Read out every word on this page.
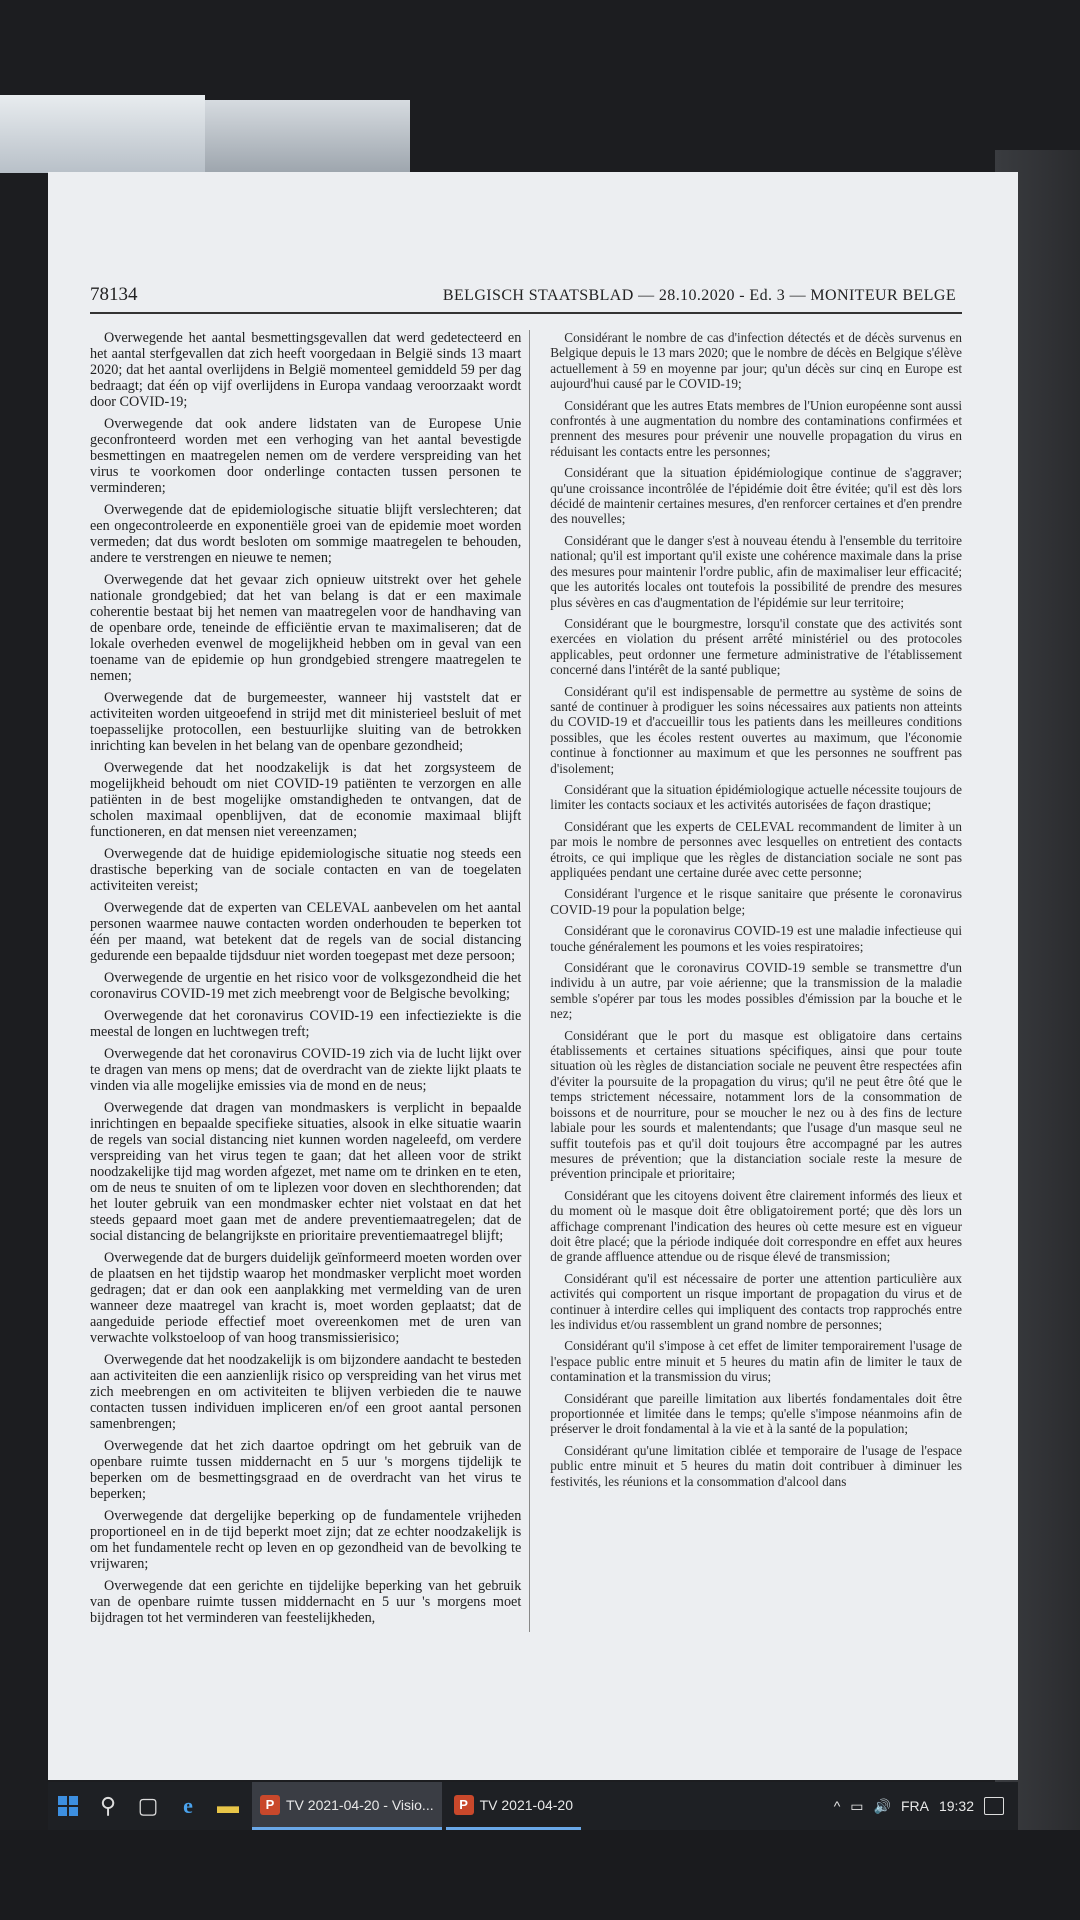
78134	BELGISCH STAATSBLAD — 28.10.2020 - Ed. 3 — MONITEUR BELGE

Overwegende het aantal besmettingsgevallen dat werd gedetecteerd en het aantal sterfgevallen dat zich heeft voorgedaan in België sinds 13 maart 2020; dat het aantal overlijdens in België momenteel gemiddeld 59 per dag bedraagt; dat één op vijf overlijdens in Europa vandaag veroorzaakt wordt door COVID-19;

Overwegende dat ook andere lidstaten van de Europese Unie geconfronteerd worden met een verhoging van het aantal bevestigde besmettingen en maatregelen nemen om de verdere verspreiding van het virus te voorkomen door onderlinge contacten tussen personen te verminderen;

Overwegende dat de epidemiologische situatie blijft verslechteren; dat een ongecontroleerde en exponentiële groei van de epidemie moet worden vermeden; dat dus wordt besloten om sommige maatregelen te behouden, andere te verstrengen en nieuwe te nemen;

Overwegende dat het gevaar zich opnieuw uitstrekt over het gehele nationale grondgebied; dat het van belang is dat er een maximale coherentie bestaat bij het nemen van maatregelen voor de handhaving van de openbare orde, teneinde de efficiëntie ervan te maximaliseren; dat de lokale overheden evenwel de mogelijkheid hebben om in geval van een toename van de epidemie op hun grondgebied strengere maatregelen te nemen;

Overwegende dat de burgemeester, wanneer hij vaststelt dat er activiteiten worden uitgeoefend in strijd met dit ministerieel besluit of met toepasselijke protocollen, een bestuurlijke sluiting van de betrokken inrichting kan bevelen in het belang van de openbare gezondheid;

Overwegende dat het noodzakelijk is dat het zorgsysteem de mogelijkheid behoudt om niet COVID-19 patiënten te verzorgen en alle patiënten in de best mogelijke omstandigheden te ontvangen, dat de scholen maximaal openblijven, dat de economie maximaal blijft functioneren, en dat mensen niet vereenzamen;

Overwegende dat de huidige epidemiologische situatie nog steeds een drastische beperking van de sociale contacten en van de toegelaten activiteiten vereist;

Overwegende dat de experten van CELEVAL aanbevelen om het aantal personen waarmee nauwe contacten worden onderhouden te beperken tot één per maand, wat betekent dat de regels van de social distancing gedurende een bepaalde tijdsduur niet worden toegepast met deze persoon;

Overwegende de urgentie en het risico voor de volksgezondheid die het coronavirus COVID-19 met zich meebrengt voor de Belgische bevolking;

Overwegende dat het coronavirus COVID-19 een infectieziekte is die meestal de longen en luchtwegen treft;

Overwegende dat het coronavirus COVID-19 zich via de lucht lijkt over te dragen van mens op mens; dat de overdracht van de ziekte lijkt plaats te vinden via alle mogelijke emissies via de mond en de neus;

Overwegende dat dragen van mondmaskers is verplicht in bepaalde inrichtingen en bepaalde specifieke situaties, alsook in elke situatie waarin de regels van social distancing niet kunnen worden nageleefd, om verdere verspreiding van het virus tegen te gaan; dat het alleen voor de strikt noodzakelijke tijd mag worden afgezet, met name om te drinken en te eten, om de neus te snuiten of om te liplezen voor doven en slechthorenden; dat het louter gebruik van een mondmasker echter niet volstaat en dat het steeds gepaard moet gaan met de andere preventiemaatregelen; dat de social distancing de belangrijkste en prioritaire preventiemaatregel blijft;

Overwegende dat de burgers duidelijk geïnformeerd moeten worden over de plaatsen en het tijdstip waarop het mondmasker verplicht moet worden gedragen; dat er dan ook een aanplakking met vermelding van de uren wanneer deze maatregel van kracht is, moet worden geplaatst; dat de aangeduide periode effectief moet overeenkomen met de uren van verwachte volkstoeloop of van hoog transmissierisico;

Overwegende dat het noodzakelijk is om bijzondere aandacht te besteden aan activiteiten die een aanzienlijk risico op verspreiding van het virus met zich meebrengen en om activiteiten te blijven verbieden die te nauwe contacten tussen individuen impliceren en/of een groot aantal personen samenbrengen;

Overwegende dat het zich daartoe opdringt om het gebruik van de openbare ruimte tussen middernacht en 5 uur 's morgens tijdelijk te beperken om de besmettingsgraad en de overdracht van het virus te beperken;

Overwegende dat dergelijke beperking op de fundamentele vrijheden proportioneel en in de tijd beperkt moet zijn; dat ze echter noodzakelijk is om het fundamentele recht op leven en op gezondheid van de bevolking te vrijwaren;

Overwegende dat een gerichte en tijdelijke beperking van het gebruik van de openbare ruimte tussen middernacht en 5 uur 's morgens moet bijdragen tot het verminderen van feestelijkheden,

Considérant le nombre de cas d'infection détectés et de décès survenus en Belgique depuis le 13 mars 2020; que le nombre de décès en Belgique s'élève actuellement à 59 en moyenne par jour; qu'un décès sur cinq en Europe est aujourd'hui causé par le COVID-19;

Considérant que les autres Etats membres de l'Union européenne sont aussi confrontés à une augmentation du nombre des contaminations confirmées et prennent des mesures pour prévenir une nouvelle propagation du virus en réduisant les contacts entre les personnes;

Considérant que la situation épidémiologique continue de s'aggraver; qu'une croissance incontrôlée de l'épidémie doit être évitée; qu'il est dès lors décidé de maintenir certaines mesures, d'en renforcer certaines et d'en prendre des nouvelles;

Considérant que le danger s'est à nouveau étendu à l'ensemble du territoire national; qu'il est important qu'il existe une cohérence maximale dans la prise des mesures pour maintenir l'ordre public, afin de maximaliser leur efficacité; que les autorités locales ont toutefois la possibilité de prendre des mesures plus sévères en cas d'augmentation de l'épidémie sur leur territoire;

Considérant que le bourgmestre, lorsqu'il constate que des activités sont exercées en violation du présent arrêté ministériel ou des protocoles applicables, peut ordonner une fermeture administrative de l'établissement concerné dans l'intérêt de la santé publique;

Considérant qu'il est indispensable de permettre au système de soins de santé de continuer à prodiguer les soins nécessaires aux patients non atteints du COVID-19 et d'accueillir tous les patients dans les meilleures conditions possibles, que les écoles restent ouvertes au maximum, que l'économie continue à fonctionner au maximum et que les personnes ne souffrent pas d'isolement;

Considérant que la situation épidémiologique actuelle nécessite toujours de limiter les contacts sociaux et les activités autorisées de façon drastique;

Considérant que les experts de CELEVAL recommandent de limiter à un par mois le nombre de personnes avec lesquelles on entretient des contacts étroits, ce qui implique que les règles de distanciation sociale ne sont pas appliquées pendant une certaine durée avec cette personne;

Considérant l'urgence et le risque sanitaire que présente le coronavirus COVID-19 pour la population belge;

Considérant que le coronavirus COVID-19 est une maladie infectieuse qui touche généralement les poumons et les voies respiratoires;

Considérant que le coronavirus COVID-19 semble se transmettre d'un individu à un autre, par voie aérienne; que la transmission de la maladie semble s'opérer par tous les modes possibles d'émission par la bouche et le nez;

Considérant que le port du masque est obligatoire dans certains établissements et certaines situations spécifiques, ainsi que pour toute situation où les règles de distanciation sociale ne peuvent être respectées afin d'éviter la poursuite de la propagation du virus; qu'il ne peut être ôté que le temps strictement nécessaire, notamment lors de la consommation de boissons et de nourriture, pour se moucher le nez ou à des fins de lecture labiale pour les sourds et malentendants; que l'usage d'un masque seul ne suffit toutefois pas et qu'il doit toujours être accompagné par les autres mesures de prévention; que la distanciation sociale reste la mesure de prévention principale et prioritaire;

Considérant que les citoyens doivent être clairement informés des lieux et du moment où le masque doit être obligatoirement porté; que dès lors un affichage comprenant l'indication des heures où cette mesure est en vigueur doit être placé; que la période indiquée doit correspondre en effet aux heures de grande affluence attendue ou de risque élevé de transmission;

Considérant qu'il est nécessaire de porter une attention particulière aux activités qui comportent un risque important de propagation du virus et de continuer à interdire celles qui impliquent des contacts trop rapprochés entre les individus et/ou rassemblent un grand nombre de personnes;

Considérant qu'il s'impose à cet effet de limiter temporairement l'usage de l'espace public entre minuit et 5 heures du matin afin de limiter le taux de contamination et la transmission du virus;

Considérant que pareille limitation aux libertés fondamentales doit être proportionnée et limitée dans le temps; qu'elle s'impose néanmoins afin de préserver le droit fondamental à la vie et à la santé de la population;

Considérant qu'une limitation ciblée et temporaire de l'usage de l'espace public entre minuit et 5 heures du matin doit contribuer à diminuer les festivités, les réunions et la consommation d'alcool dans

⚲ ▢	e	▬	P TV 2021-04-20 - Visio...	P TV 2021-04-20	^ ▭ 🔊 FRA 19:32
